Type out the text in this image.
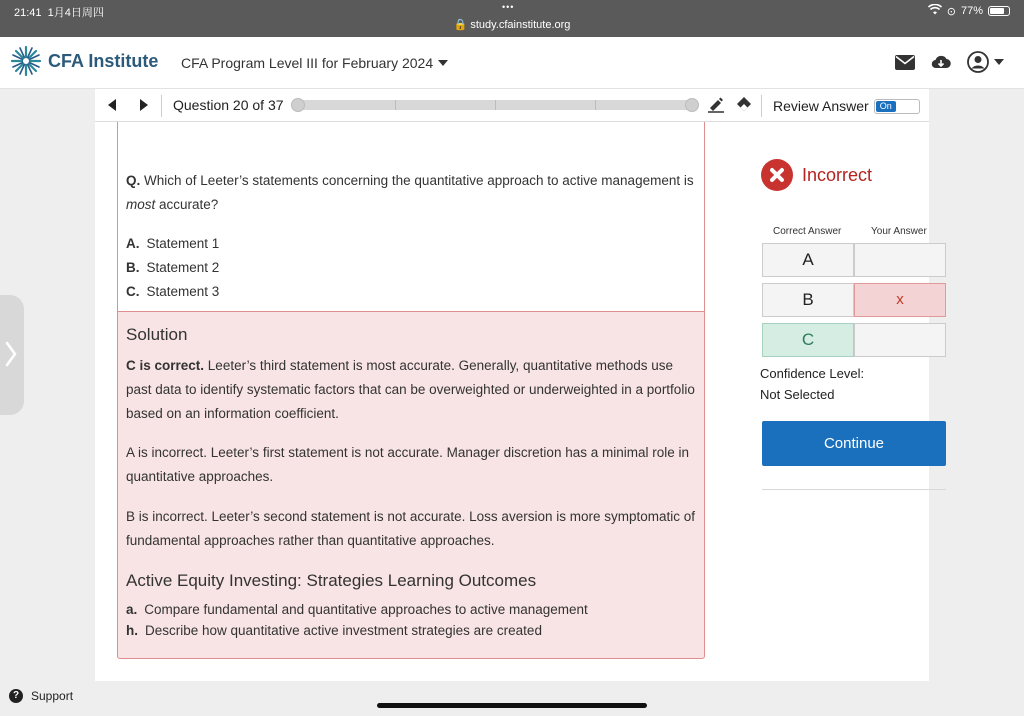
21:41 1月4日周四	•••
🔒 study.cfainstitute.org
⊙ 77%
CFA Institute CFA Program Level III for February 2024
Question 20 of 37	Review Answer	On
Q. Which of Leeter’s statements concerning the quantitative approach to active management is most accurate?
A. Statement 1
B. Statement 2
C. Statement 3
Solution
C is correct. Leeter’s third statement is most accurate. Generally, quantitative methods use past data to identify systematic factors that can be overweighted or underweighted in a portfolio based on an information coefficient.
A is incorrect. Leeter’s first statement is not accurate. Manager discretion has a minimal role in quantitative approaches.
B is incorrect. Leeter’s second statement is not accurate. Loss aversion is more symptomatic of fundamental approaches rather than quantitative approaches.
Active Equity Investing: Strategies Learning Outcomes
a. Compare fundamental and quantitative approaches to active management
h. Describe how quantitative active investment strategies are created
Incorrect
Correct Answer	Your Answer
A
B	x
C
Confidence Level:
Not Selected
Continue
? Support
